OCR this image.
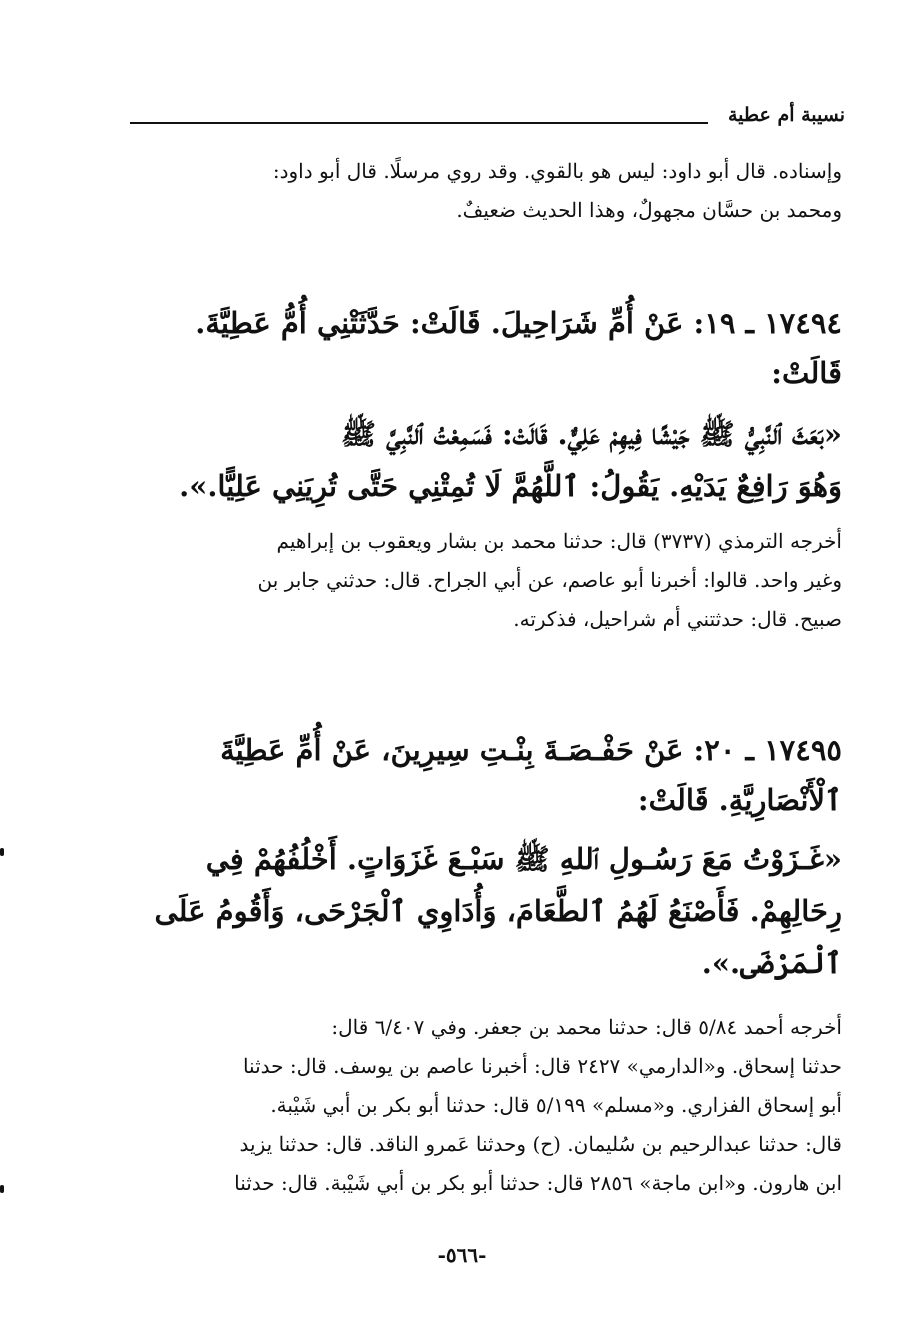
نسيبة أم عطية
وإسناده. قال أبو داود: ليس هو بالقوي. وقد روي مرسلًا. قال أبو داود:
ومحمد بن حسَّان مجهولٌ، وهذا الحديث ضعيفٌ.
١٧٤٩٤ ـ ١٩: عَنْ أُمِّ شَرَاحِيلَ. قَالَتْ: حَدَّثَتْنِي أُمُّ عَطِيَّةَ.
قَالَتْ:
«بَعَثَ ٱلنَّبِيُّ ﷺ جَيْشًا فِيهِمْ عَلِيٌّ. قَالَتْ: فَسَمِعْتُ ٱلنَّبِيَّ ﷺ
وَهُوَ رَافِعٌ يَدَيْهِ. يَقُولُ: ٱللَّهُمَّ لَا تُمِتْنِي حَتَّى تُرِيَنِي عَلِيًّا.».
أخرجه الترمذي (٣٧٣٧) قال: حدثنا محمد بن بشار ويعقوب بن إبراهيم
وغير واحد. قالوا: أخبرنا أبو عاصم، عن أبي الجراح. قال: حدثني جابر بن
صبيح. قال: حدثتني أم شراحيل، فذكرته.
١٧٤٩٥ ـ ٢٠: عَنْ حَفْـصَـةَ بِنْـتِ سِيرِينَ، عَنْ أُمِّ عَطِيَّةَ
ٱلْأَنْصَارِيَّةِ. قَالَتْ:
«غَـزَوْتُ مَعَ رَسُـولِ ٱللهِ ﷺ سَبْـعَ غَزَوَاتٍ. أَخْلُفُهُمْ فِي
رِحَالِهِمْ. فَأَصْنَعُ لَهُمُ ٱلطَّعَامَ، وَأُدَاوِي ٱلْجَرْحَى، وَأَقُومُ عَلَى
ٱلْمَرْضَى.».
أخرجه أحمد ٥/٨٤ قال: حدثنا محمد بن جعفر. وفي ٦/٤٠٧ قال:
حدثنا إسحاق. و«الدارمي» ٢٤٢٧ قال: أخبرنا عاصم بن يوسف. قال: حدثنا
أبو إسحاق الفزاري. و«مسلم» ٥/١٩٩ قال: حدثنا أبو بكر بن أبي شَيْبة.
قال: حدثنا عبدالرحيم بن سُليمان. (ح) وحدثنا عَمرو الناقد. قال: حدثنا يزيد
ابن هارون. و«ابن ماجة» ٢٨٥٦ قال: حدثنا أبو بكر بن أبي شَيْبة. قال: حدثنا
-٥٦٦-
